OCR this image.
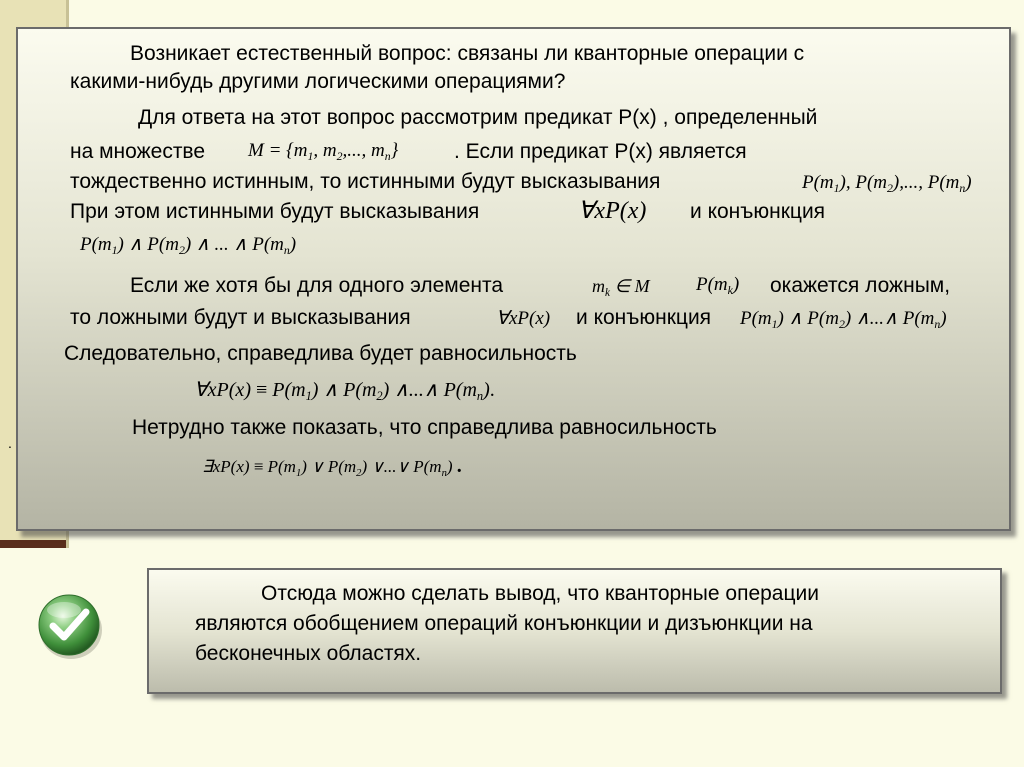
Возникает естественный вопрос: связаны ли кванторные операции с
какими-нибудь другими логическими операциями?
Для ответа на этот вопрос рассмотрим предикат P(x) , определенный
на множестве $M = \{m_1$, $m_2$,..., $m_n$}	. Если предикат P(x) является
тождественно истинным, то истинными будут высказывания	$P(m_1)$, $P(m_2)$,..., $P(m_n)$
При этом истинными будут высказывания	∀xP(x) и конъюнкция
$P(m_1)$ ∧ $P(m_2)$ ∧ ... ∧ $P(m_n)$
Если же хотя бы для одного элемента	$m_k$ ∈ M $P(m_k)$ окажется ложным,
то ложными будут и высказывания	∀xP(x) и конъюнкция $P(m_1)$ ∧ $P(m_2)$ ∧...∧ $P(m_n)$
Следовательно, справедлива будет равносильность
∀xP(x) ≡ $P(m_1)$ ∧ $P(m_2)$ ∧...∧ $P(m_n)$.
Нетрудно также показать, что справедлива равносильность
∃xP(x) ≡ $P(m_1)$ ∨ $P(m_2)$ ∨...∨ $P(m_n)$ .
.
Отсюда можно сделать вывод, что кванторные операции
являются обобщением операций конъюнкции и дизъюнкции на
бесконечных областях.
